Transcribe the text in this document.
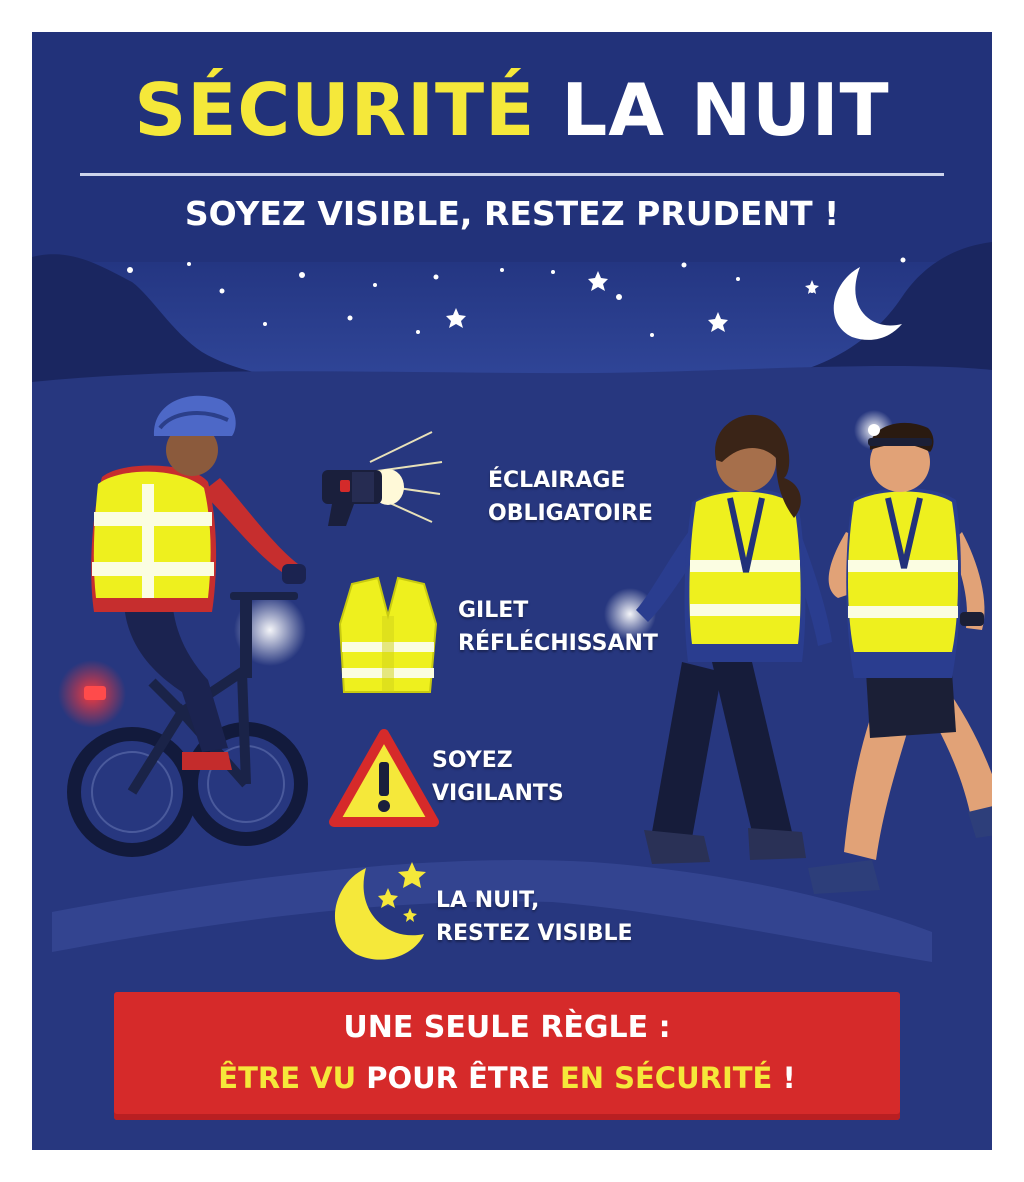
SÉCURITÉ LA NUIT
SOYEZ VISIBLE, RESTEZ PRUDENT !
ÉCLAIRAGE
OBLIGATOIRE
GILET
RÉFLÉCHISSANT
SOYEZ
VIGILANTS
LA NUIT,
RESTEZ VISIBLE
UNE SEULE RÈGLE :
ÊTRE VU POUR ÊTRE EN SÉCURITÉ !
